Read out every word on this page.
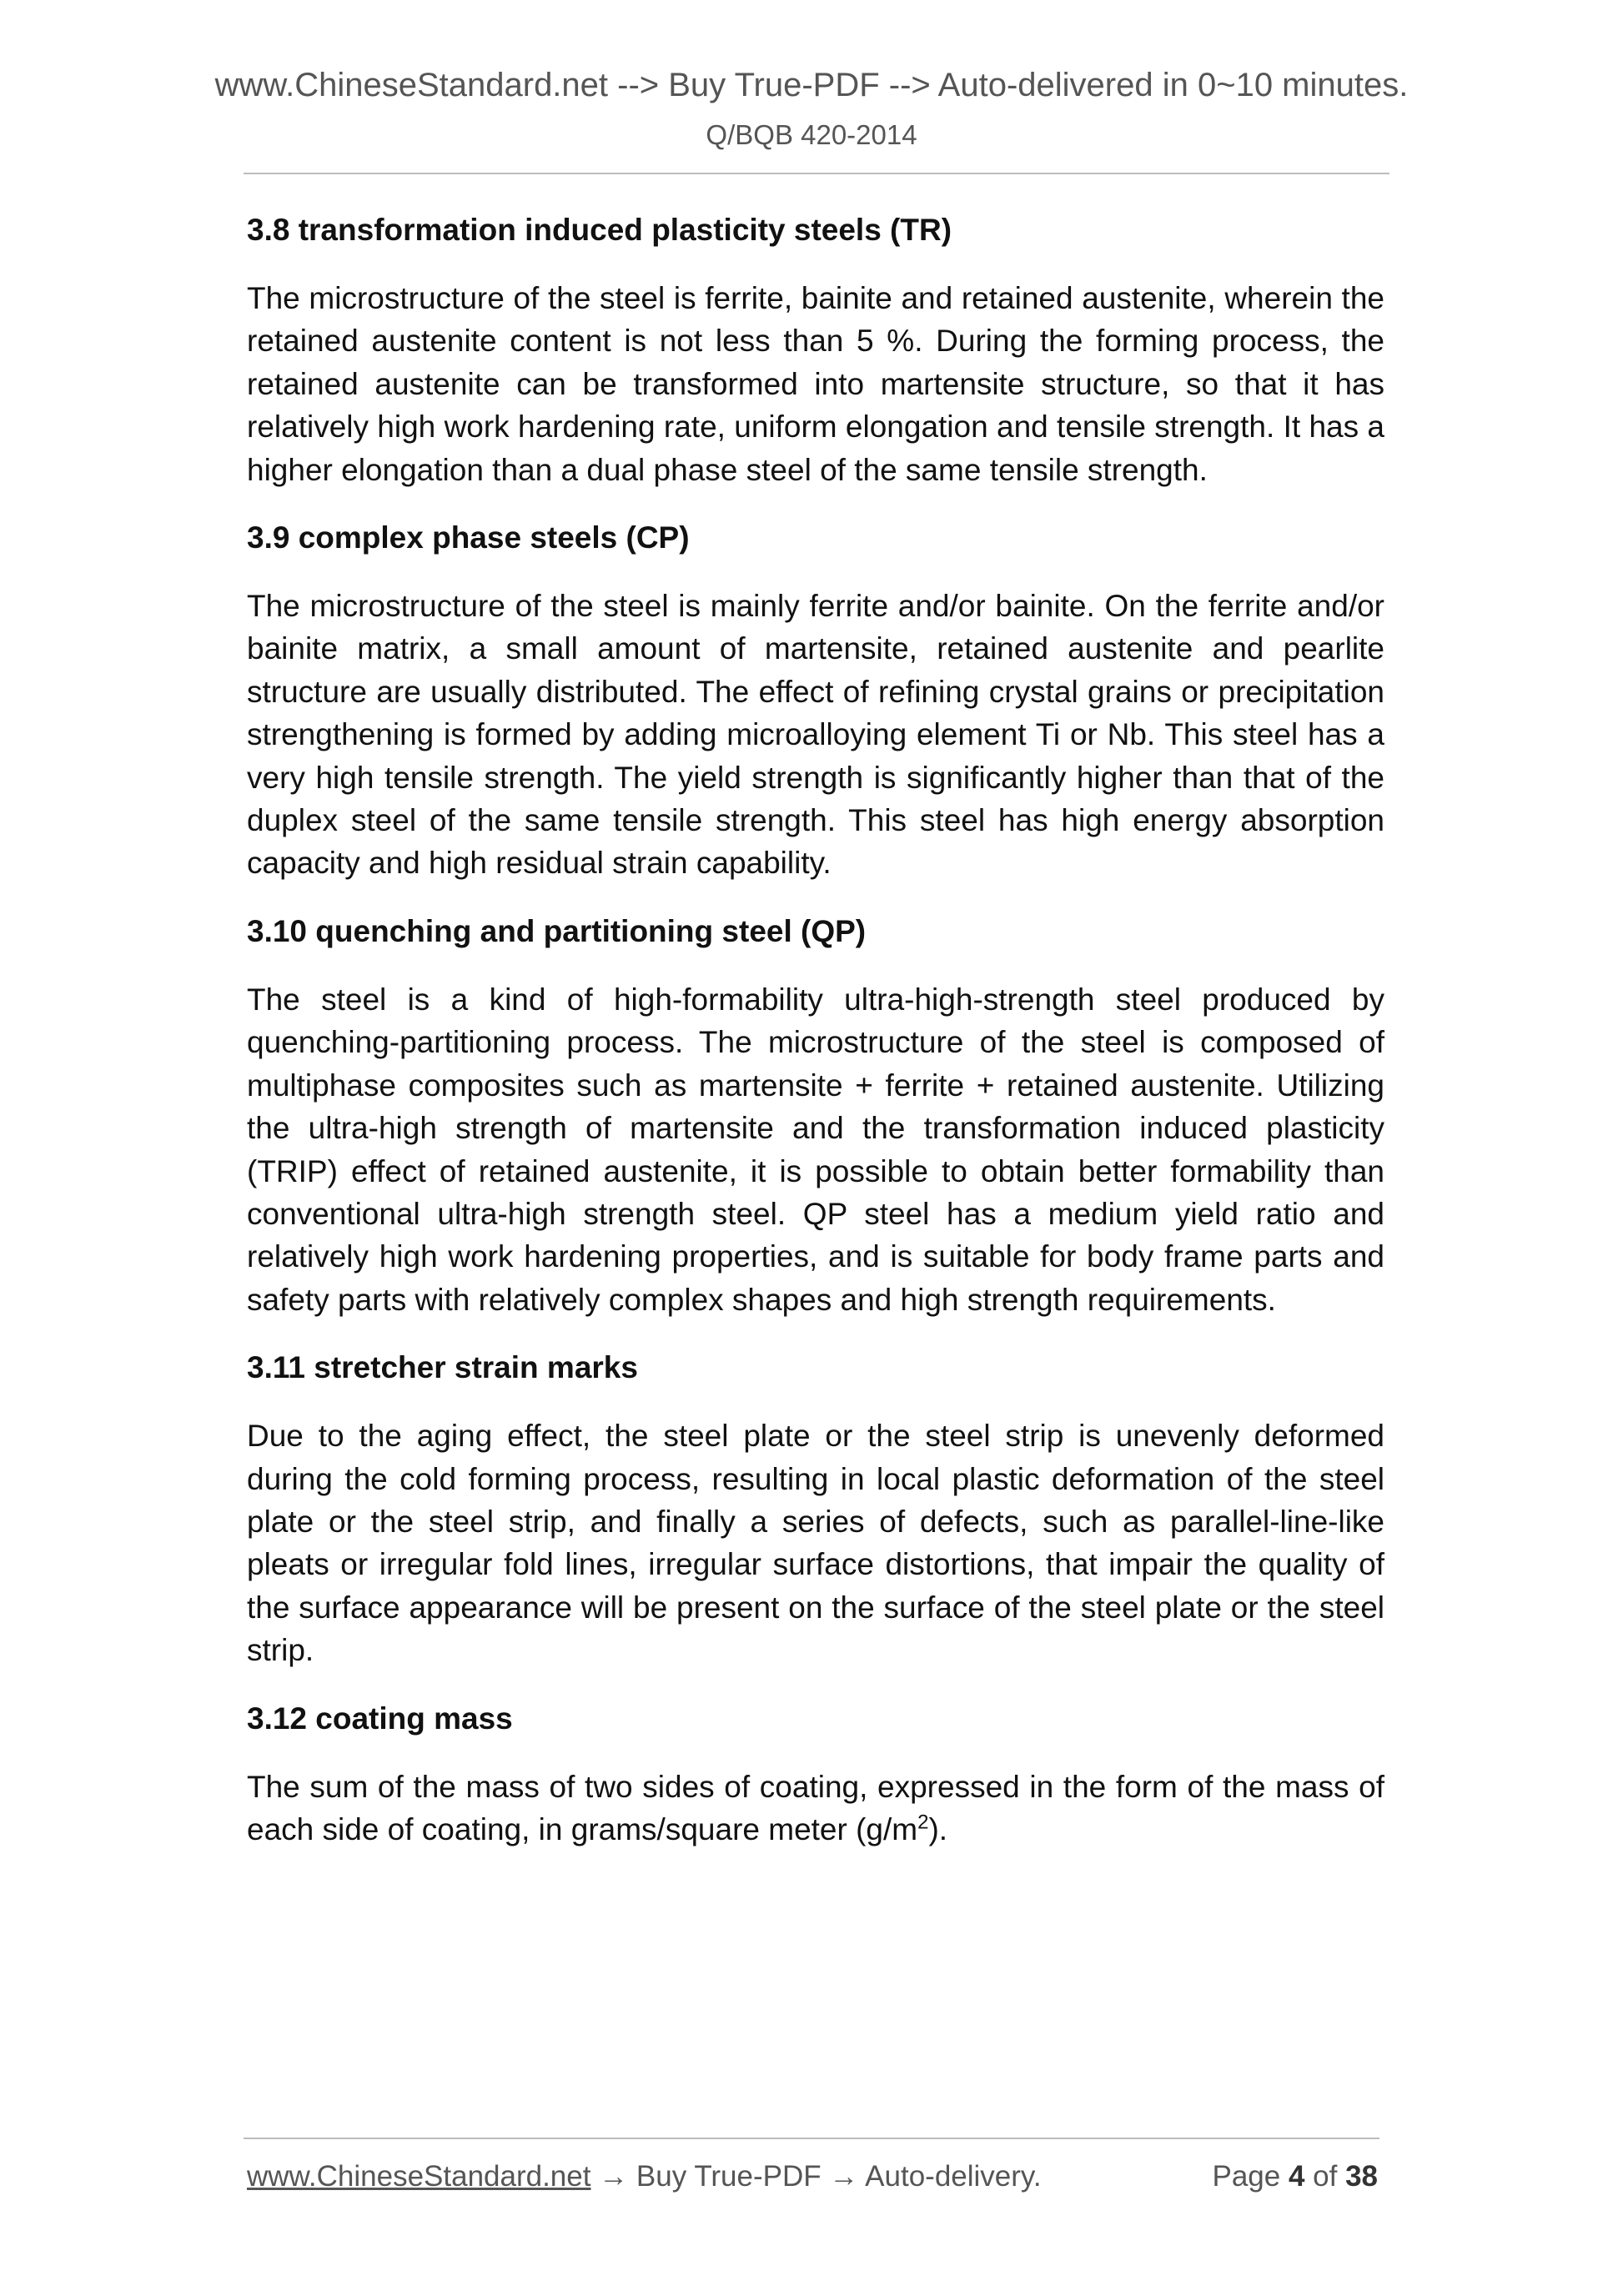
www.ChineseStandard.net --> Buy True-PDF --> Auto-delivered in 0~10 minutes.
Q/BQB 420-2014

3.8 transformation induced plasticity steels (TR)

The microstructure of the steel is ferrite, bainite and retained austenite, wherein the retained austenite content is not less than 5 %. During the forming process, the retained austenite can be transformed into martensite structure, so that it has relatively high work hardening rate, uniform elongation and tensile strength. It has a higher elongation than a dual phase steel of the same tensile strength.

3.9 complex phase steels (CP)

The microstructure of the steel is mainly ferrite and/or bainite. On the ferrite and/or bainite matrix, a small amount of martensite, retained austenite and pearlite structure are usually distributed. The effect of refining crystal grains or precipitation strengthening is formed by adding microalloying element Ti or Nb. This steel has a very high tensile strength. The yield strength is significantly higher than that of the duplex steel of the same tensile strength. This steel has high energy absorption capacity and high residual strain capability.

3.10 quenching and partitioning steel (QP)

The steel is a kind of high-formability ultra-high-strength steel produced by quenching-partitioning process. The microstructure of the steel is composed of multiphase composites such as martensite + ferrite + retained austenite. Utilizing the ultra-high strength of martensite and the transformation induced plasticity (TRIP) effect of retained austenite, it is possible to obtain better formability than conventional ultra-high strength steel. QP steel has a medium yield ratio and relatively high work hardening properties, and is suitable for body frame parts and safety parts with relatively complex shapes and high strength requirements.

3.11 stretcher strain marks

Due to the aging effect, the steel plate or the steel strip is unevenly deformed during the cold forming process, resulting in local plastic deformation of the steel plate or the steel strip, and finally a series of defects, such as parallel-line-like pleats or irregular fold lines, irregular surface distortions, that impair the quality of the surface appearance will be present on the surface of the steel plate or the steel strip.

3.12 coating mass

The sum of the mass of two sides of coating, expressed in the form of the mass of each side of coating, in grams/square meter $(g/m^2)$.

www.ChineseStandard.net → Buy True-PDF → Auto-delivery.	Page 4 of 38
